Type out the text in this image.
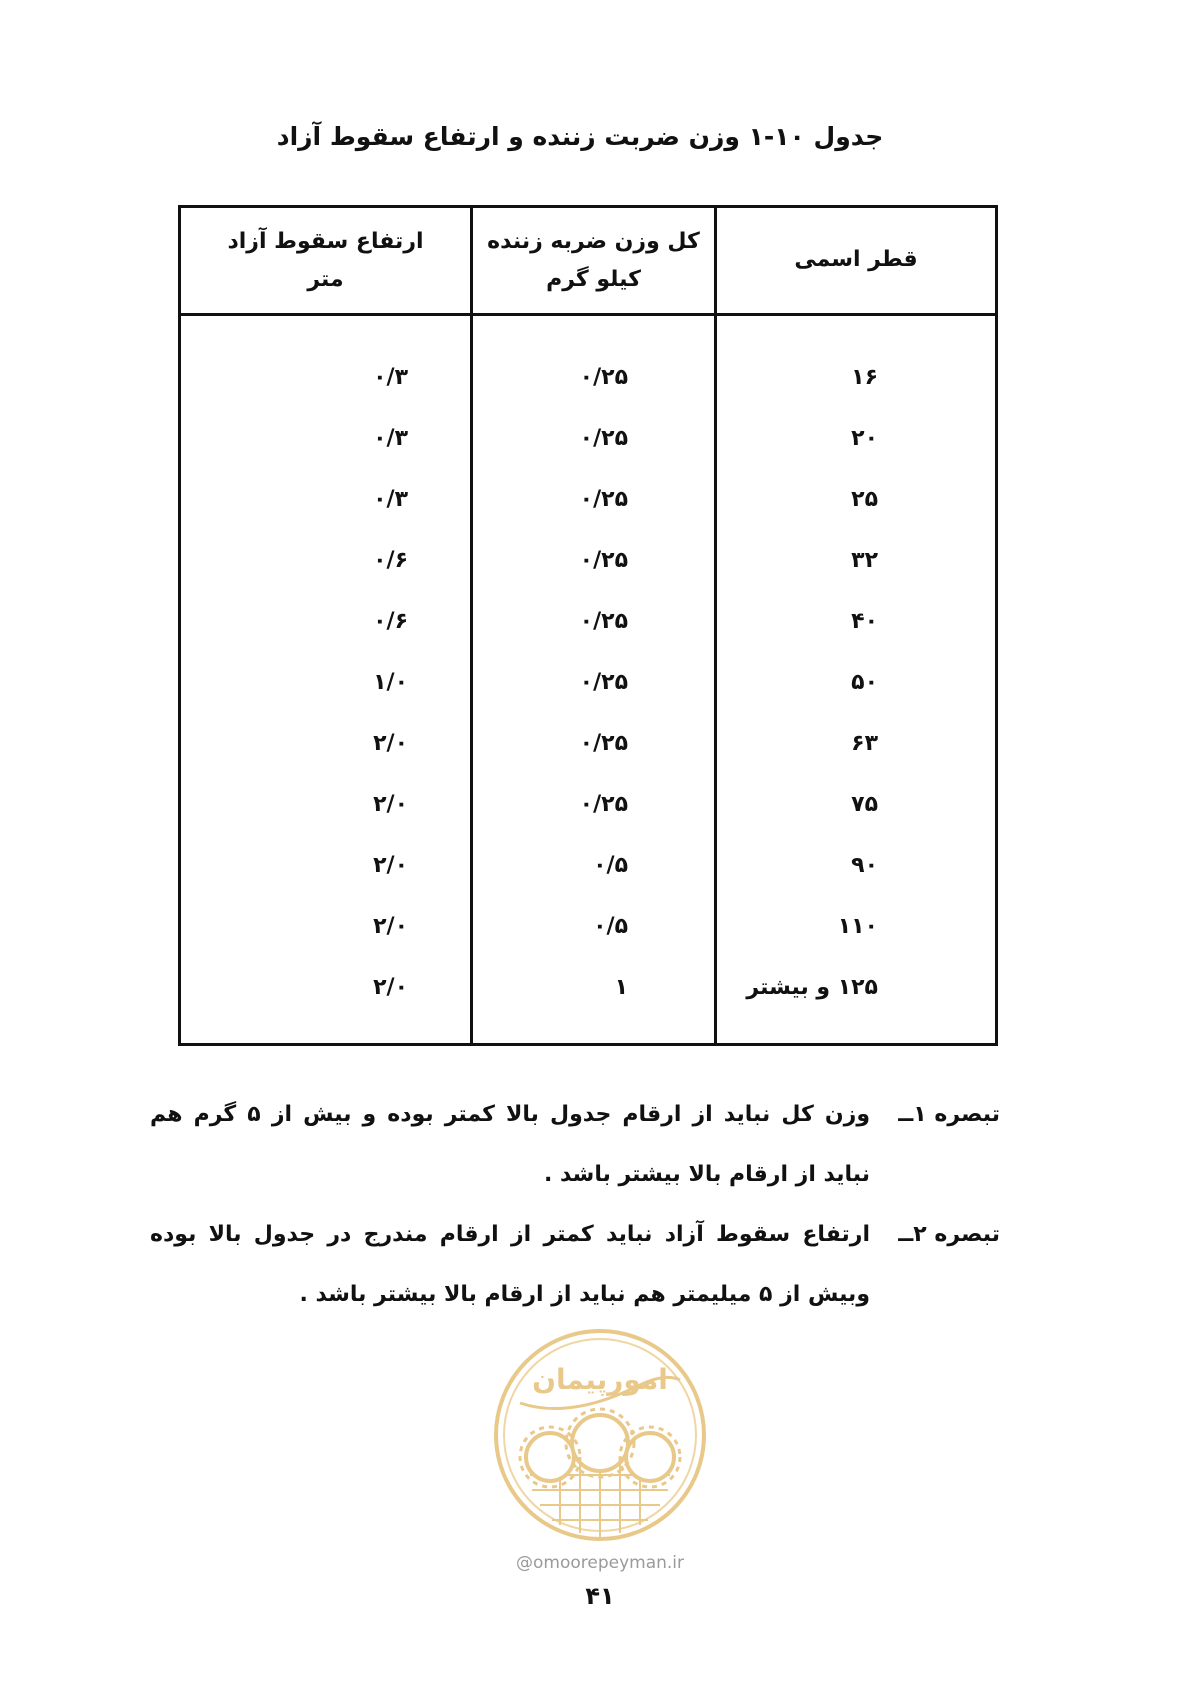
جدول ۱۰-۱ وزن ضربت زننده و ارتفاع سقوط آزاد
ارتفاع سقوط آزاد
متر
کل وزن ضربه زننده
کیلو گرم
قطر اسمی
۱۶
۰/۲۵
۰/۳
۲۰
۰/۲۵
۰/۳
۲۵
۰/۲۵
۰/۳
۳۲
۰/۲۵
۰/۶
۴۰
۰/۲۵
۰/۶
۵۰
۰/۲۵
۱/۰
۶۳
۰/۲۵
۲/۰
۷۵
۰/۲۵
۲/۰
۹۰
۰/۵
۲/۰
۱۱۰
۰/۵
۲/۰
۱۲۵ و بیشتر
۱
۲/۰
تبصره ۱ــ
وزن کل نباید از ارقام جدول بالا کمتر بوده و بیش از ۵ گرم هم نباید از ارقام بالا بیشتر باشد .
تبصره ۲ــ
ارتفاع سقوط آزاد نباید کمتر از ارقام مندرج در جدول بالا بوده وبیش از ۵ میلیمتر هم نباید از ارقام بالا بیشتر باشد .
امورپیمان
@omoorepeyman.ir
۴۱
